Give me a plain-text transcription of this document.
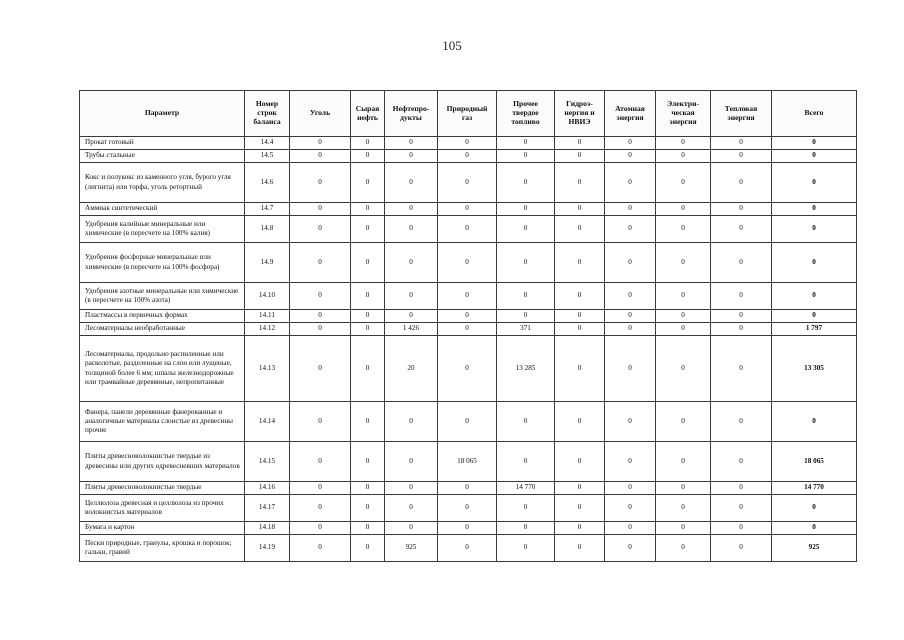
105
Параметр	Номер строк баланса	Уголь	Сырая нефть	Нефтепро-дукты	Природный газ	Прочее твердое топливо	Гидроэ-нергия и НВИЭ	Атомная энергия	Электри-ческая энергия	Тепловая энергия	Всего
Прокат готовый	14.4	0	0	0	0	0	0	0	0	0	0
Трубы стальные	14.5	0	0	0	0	0	0	0	0	0	0
Кокс и полукокс из каменного угля, бурого угля (лигнита) или торфа, уголь ретортный	14.6	0	0	0	0	0	0	0	0	0	0
Аммиак синтетический	14.7	0	0	0	0	0	0	0	0	0	0
Удобрения калийные минеральные или химические (в пересчете на 100% калия)	14.8	0	0	0	0	0	0	0	0	0	0
Удобрения фосфорные минеральные или химические (в пересчете на 100% фосфора)	14.9	0	0	0	0	0	0	0	0	0	0
Удобрения азотные минеральные или химические (в пересчете на 100% азота)	14.10	0	0	0	0	0	0	0	0	0	0
Пластмассы в первичных формах	14.11	0	0	0	0	0	0	0	0	0	0
Лесоматериалы необработанные	14.12	0	0	1 426	0	371	0	0	0	0	1 797
Лесоматериалы, продольно распиленные или расколотые, разделенные на слои или лущеные, толщиной более 6 мм; шпалы железнодорожные или трамвайные деревянные, непропитанные	14.13	0	0	20	0	13 285	0	0	0	0	13 305
Фанера, панели деревянные фанерованные и аналогичные материалы слоистые из древесины прочие	14.14	0	0	0	0	0	0	0	0	0	0
Плиты древесноволокнистые твердые из древесины или других одревесневших материалов	14.15	0	0	0	18 065	0	0	0	0	0	18 065
Плиты древесноволокнистые твердые	14.16	0	0	0	0	14 770	0	0	0	0	14 770
Целлюлоза древесная и целлюлоза из прочих волокнистых материалов	14.17	0	0	0	0	0	0	0	0	0	0
Бумага и картон	14.18	0	0	0	0	0	0	0	0	0	0
Пески природные, гранулы, крошка и порошок; гальки, гравий	14.19	0	0	925	0	0	0	0	0	0	925
